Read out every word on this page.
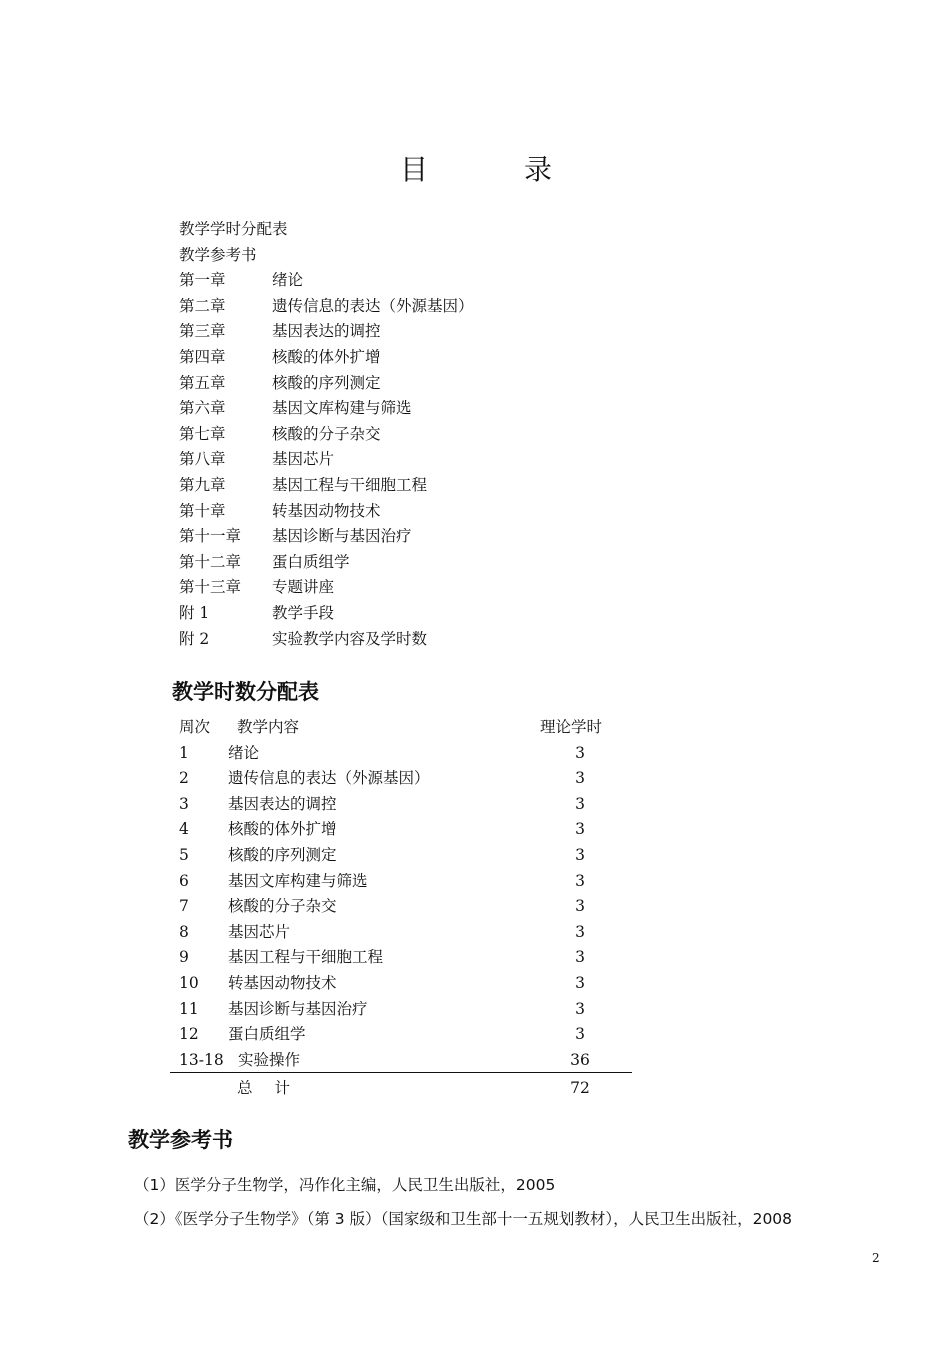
目　录
教学学时分配表
教学参考书
第一章	绪论
第二章	遗传信息的表达（外源基因）
第三章	基因表达的调控
第四章	核酸的体外扩增
第五章	核酸的序列测定
第六章	基因文库构建与筛选
第七章	核酸的分子杂交
第八章	基因芯片
第九章	基因工程与干细胞工程
第十章	转基因动物技术
第十一章 基因诊断与基因治疗
第十二章 蛋白质组学
第十三章 专题讲座
附 1	教学手段
附 2	实验教学内容及学时数
教学时数分配表
周次 教学内容	理论学时
1	绪论	3
2	遗传信息的表达（外源基因）	3
3	基因表达的调控	3
4	核酸的体外扩增	3
5	核酸的序列测定	3
6	基因文库构建与筛选	3
7	核酸的分子杂交	3
8	基因芯片	3
9	基因工程与干细胞工程	3
10 转基因动物技术	3
11 基因诊断与基因治疗	3
12 蛋白质组学	3
13-18 实验操作	36
总计	72
教学参考书
（1）医学分子生物学，冯作化主编，人民卫生出版社，2005
（2）《医学分子生物学》（第 3 版）（国家级和卫生部十一五规划教材），人民卫生出版社，2008
2
